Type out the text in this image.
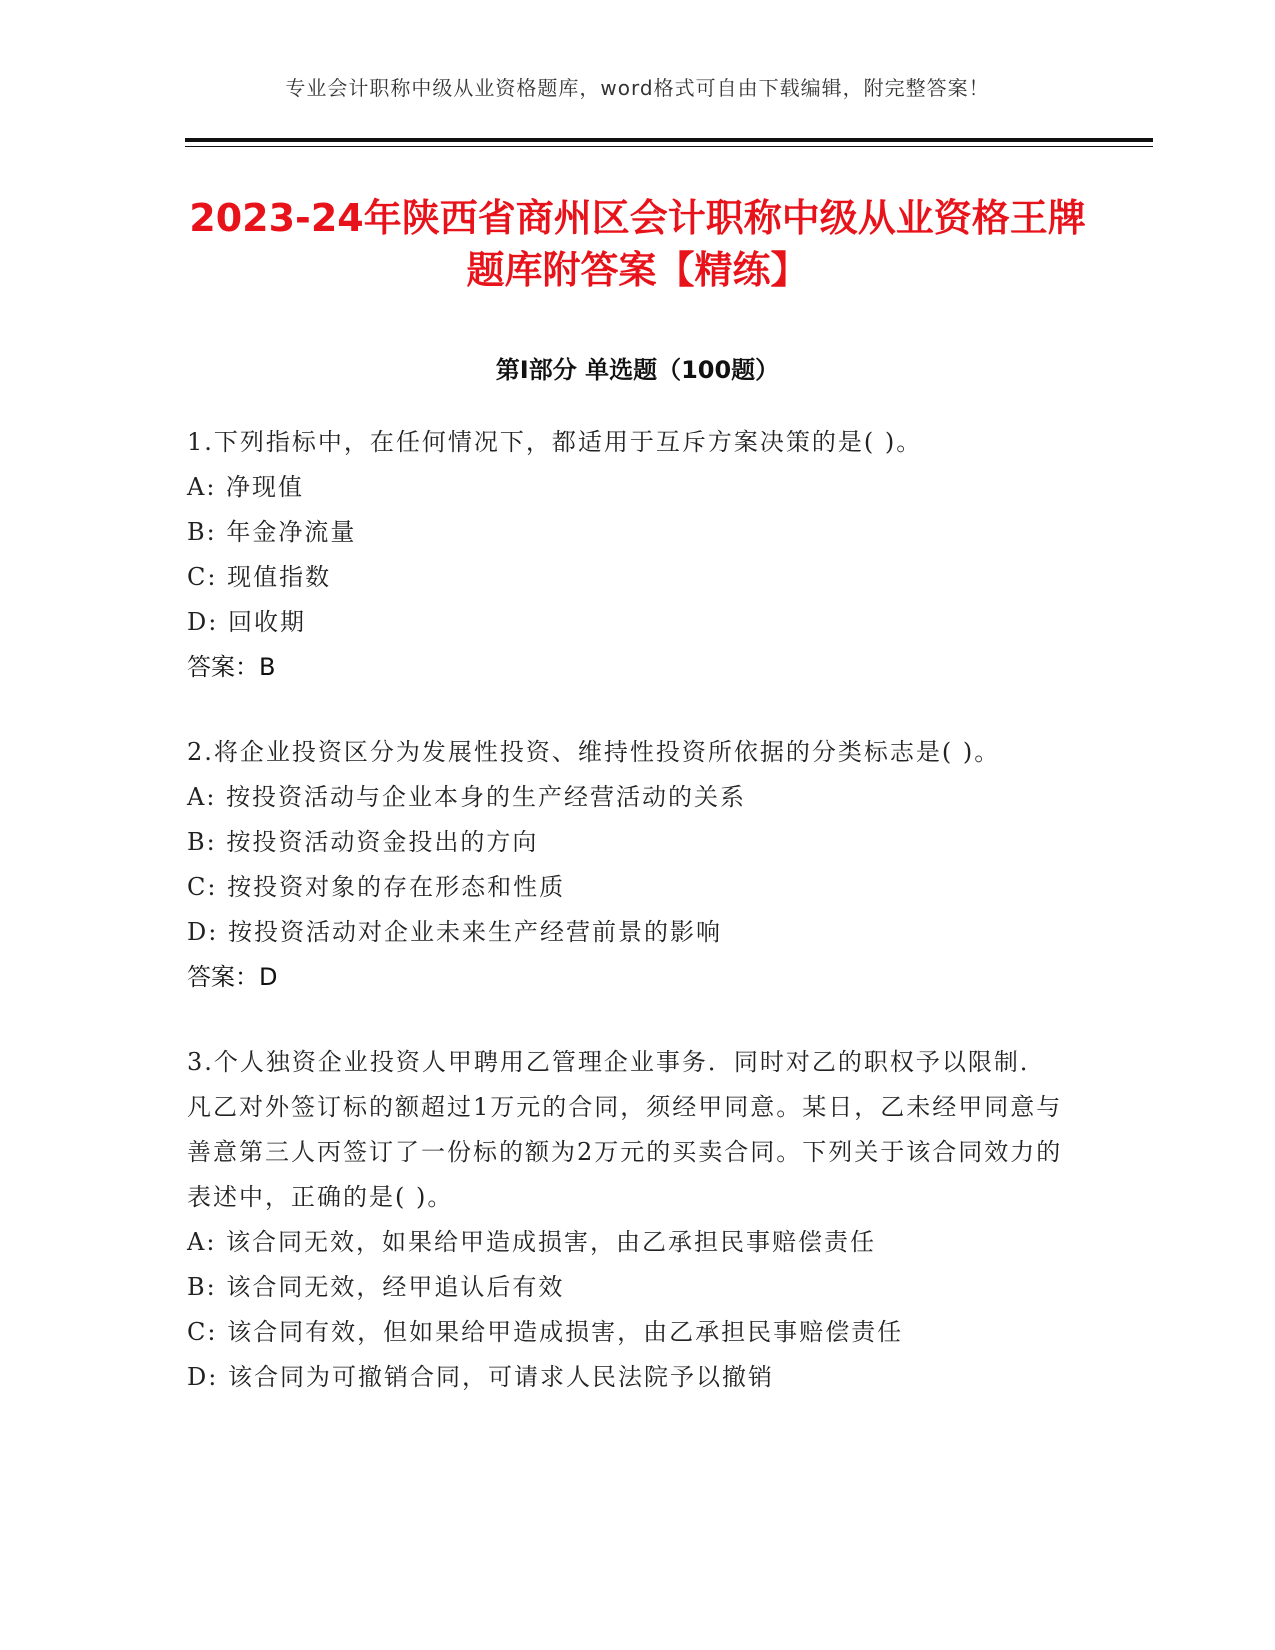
专业会计职称中级从业资格题库，word格式可自由下载编辑，附完整答案！
2023-24年陕西省商州区会计职称中级从业资格王牌题库附答案【精练】
第Ⅰ部分 单选题（100题）
1.下列指标中，在任何情况下，都适用于互斥方案决策的是( )。
A: 净现值
B: 年金净流量
C: 现值指数
D: 回收期
答案：B
2.将企业投资区分为发展性投资、维持性投资所依据的分类标志是( )。
A: 按投资活动与企业本身的生产经营活动的关系
B: 按投资活动资金投出的方向
C: 按投资对象的存在形态和性质
D: 按投资活动对企业未来生产经营前景的影响
答案：D
3.个人独资企业投资人甲聘用乙管理企业事务．同时对乙的职权予以限制．凡乙对外签订标的额超过1万元的合同，须经甲同意。某日，乙未经甲同意与善意第三人丙签订了一份标的额为2万元的买卖合同。下列关于该合同效力的表述中，正确的是( )。
A: 该合同无效，如果给甲造成损害，由乙承担民事赔偿责任
B: 该合同无效，经甲追认后有效
C: 该合同有效，但如果给甲造成损害，由乙承担民事赔偿责任
D: 该合同为可撤销合同，可请求人民法院予以撤销
